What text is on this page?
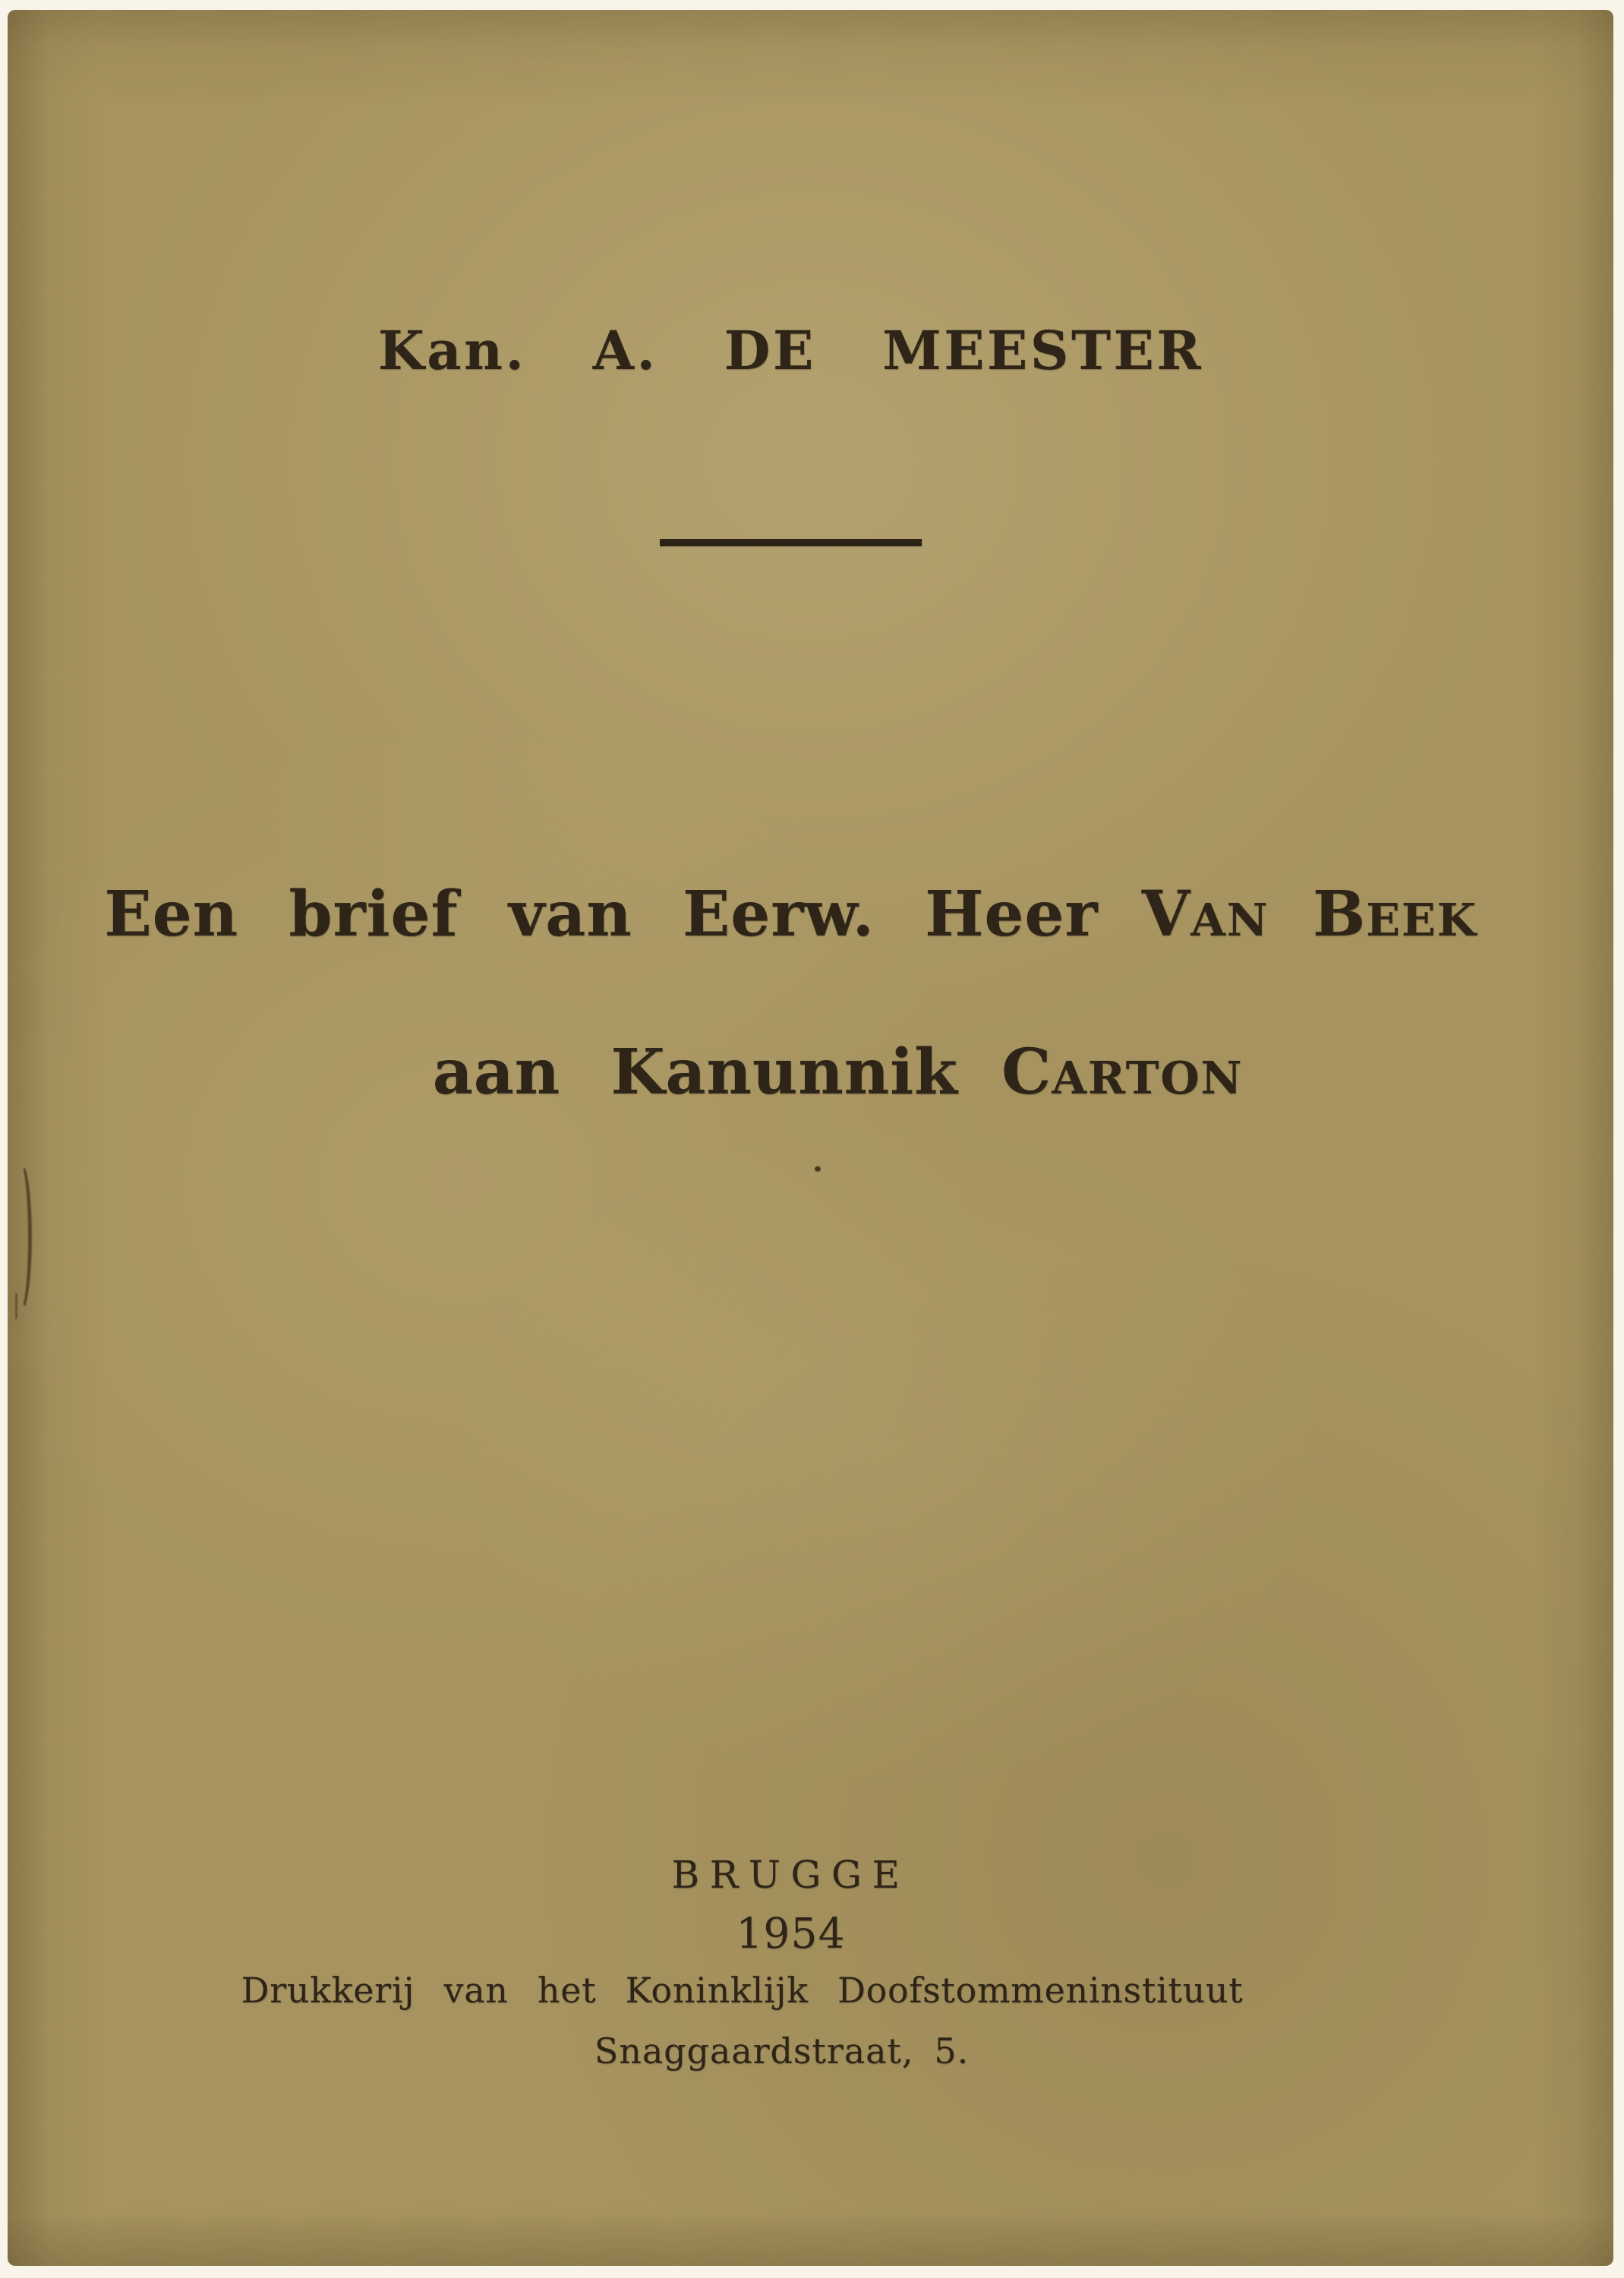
Kan. A. DE MEESTER
Een brief van Eerw. Heer VAN BEEK
aan Kanunnik CARTON
BRUGGE
1954
Drukkerij van het Koninklijk Doofstommeninstituut
Snaggaardstraat, 5.
